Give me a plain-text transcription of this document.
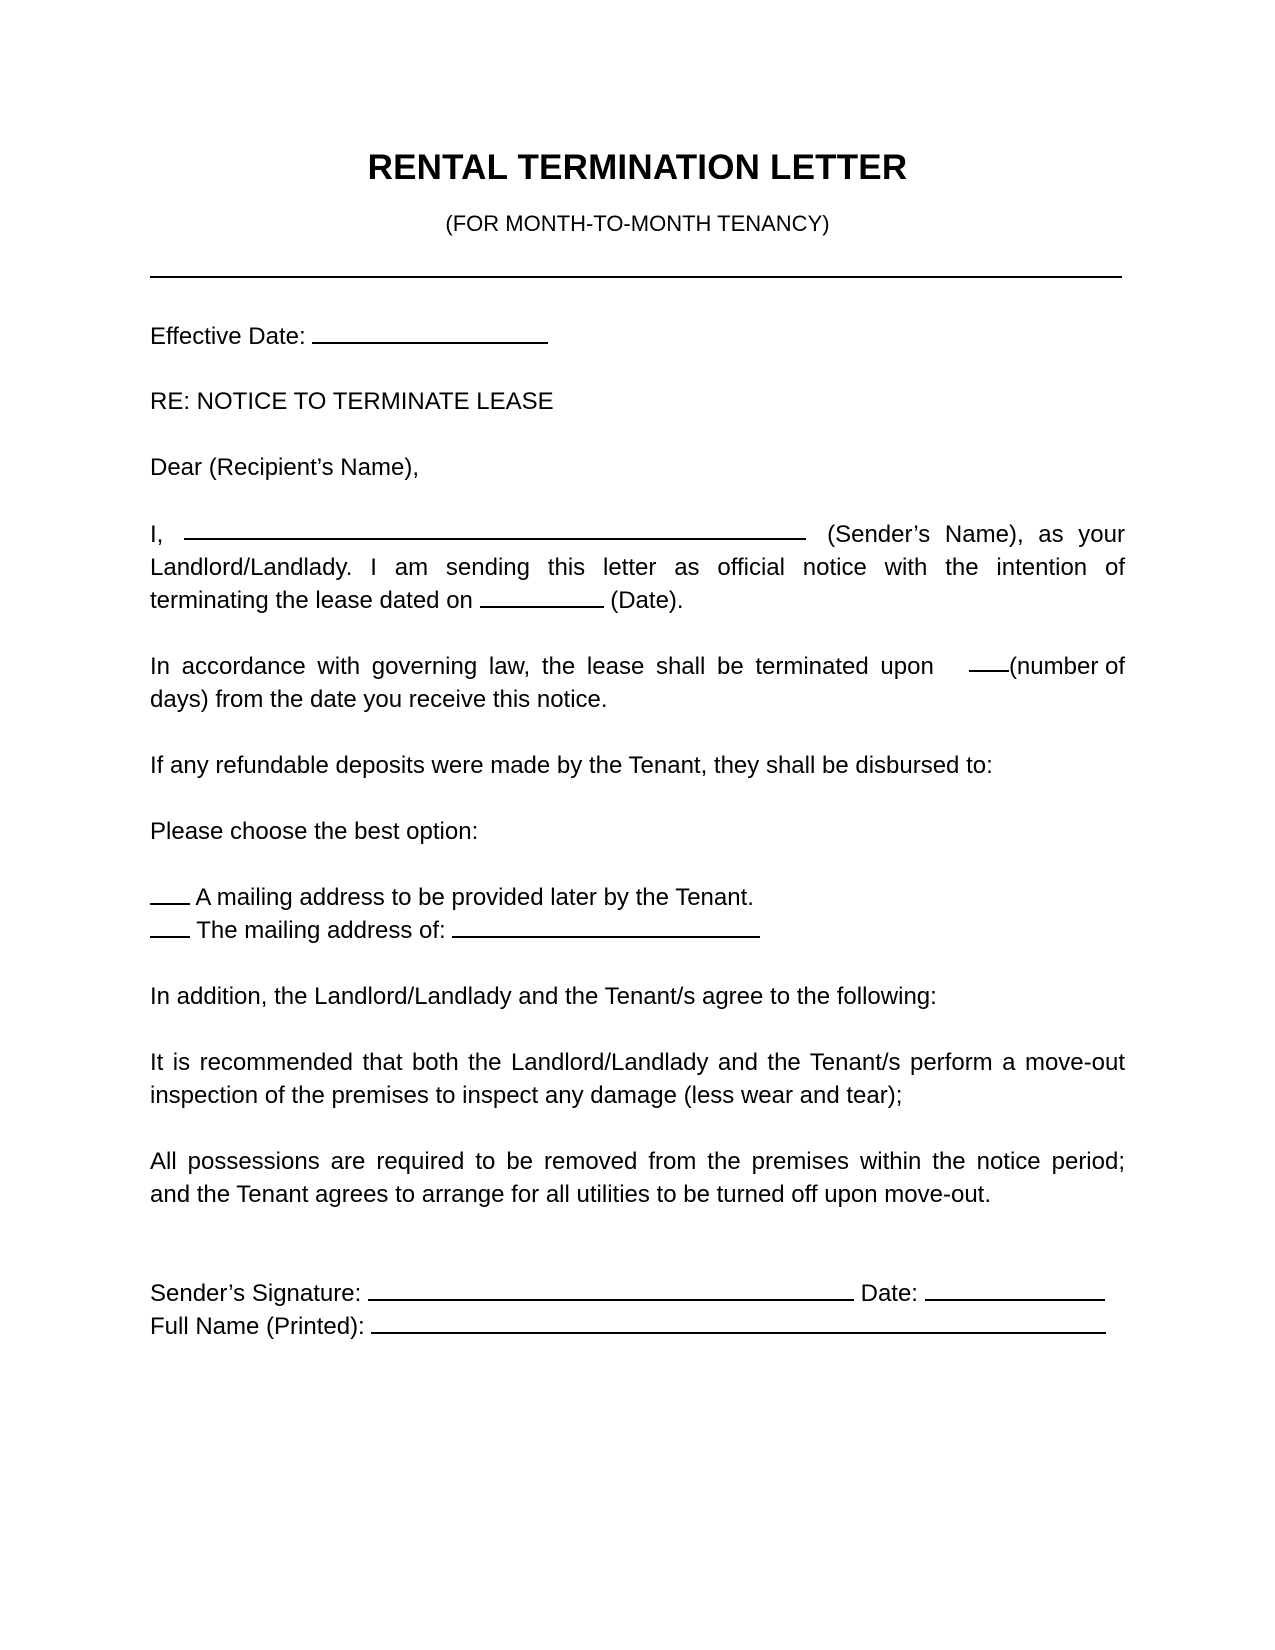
RENTAL TERMINATION LETTER
(FOR MONTH-TO-MONTH TENANCY)
Effective Date:
RE: NOTICE TO TERMINATE LEASE
Dear (Recipient’s Name),
I,	(Sender’s Name), as your
Landlord/Landlady. I am sending this letter as official notice with the intention of
terminating the lease dated on	(Date).
In accordance with governing law, the lease shall be terminated upon	(number of
days) from the date you receive this notice.
If any refundable deposits were made by the Tenant, they shall be disbursed to:
Please choose the best option:
A mailing address to be provided later by the Tenant.
The mailing address of:
In addition, the Landlord/Landlady and the Tenant/s agree to the following:
It is recommended that both the Landlord/Landlady and the Tenant/s perform a move-out
inspection of the premises to inspect any damage (less wear and tear);
All possessions are required to be removed from the premises within the notice period;
and the Tenant agrees to arrange for all utilities to be turned off upon move-out.
Sender’s Signature:	Date:
Full Name (Printed):
